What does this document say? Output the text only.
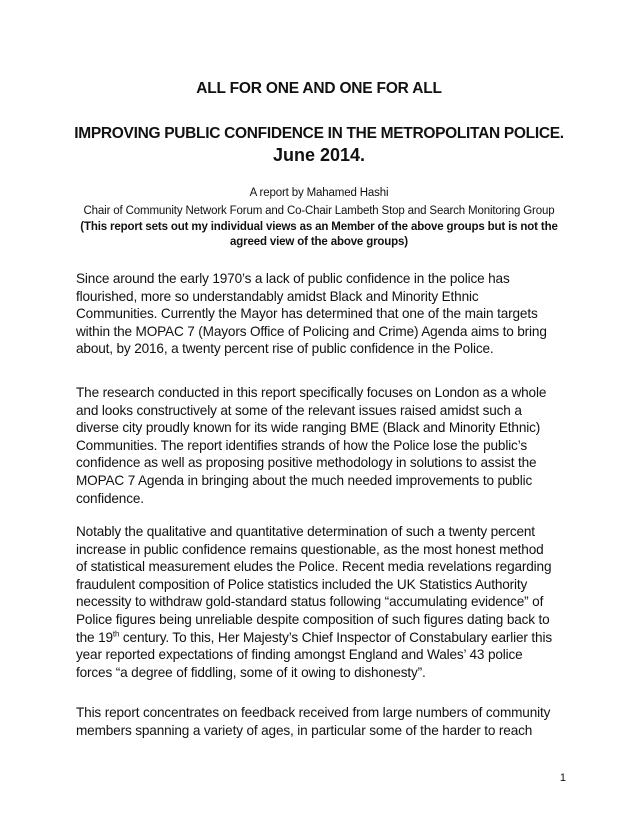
ALL FOR ONE AND ONE FOR ALL
IMPROVING PUBLIC CONFIDENCE IN THE METROPOLITAN POLICE.
June 2014.
A report by Mahamed Hashi
Chair of Community Network Forum and Co-Chair Lambeth Stop and Search Monitoring Group
(This report sets out my individual views as an Member of the above groups but is not the
agreed view of the above groups)
Since around the early 1970’s a lack of public confidence in the police has
flourished, more so understandably amidst Black and Minority Ethnic
Communities. Currently the Mayor has determined that one of the main targets
within the MOPAC 7 (Mayors Office of Policing and Crime) Agenda aims to bring
about, by 2016, a twenty percent rise of public confidence in the Police.
The research conducted in this report specifically focuses on London as a whole
and looks constructively at some of the relevant issues raised amidst such a
diverse city proudly known for its wide ranging BME (Black and Minority Ethnic)
Communities. The report identifies strands of how the Police lose the public’s
confidence as well as proposing positive methodology in solutions to assist the
MOPAC 7 Agenda in bringing about the much needed improvements to public
confidence.
Notably the qualitative and quantitative determination of such a twenty percent
increase in public confidence remains questionable, as the most honest method
of statistical measurement eludes the Police. Recent media revelations regarding
fraudulent composition of Police statistics included the UK Statistics Authority
necessity to withdraw gold-standard status following “accumulating evidence” of
Police figures being unreliable despite composition of such figures dating back to
the 19th century. To this, Her Majesty’s Chief Inspector of Constabulary earlier this
year reported expectations of finding amongst England and Wales’ 43 police
forces “a degree of fiddling, some of it owing to dishonesty”.
This report concentrates on feedback received from large numbers of community
members spanning a variety of ages, in particular some of the harder to reach
1
